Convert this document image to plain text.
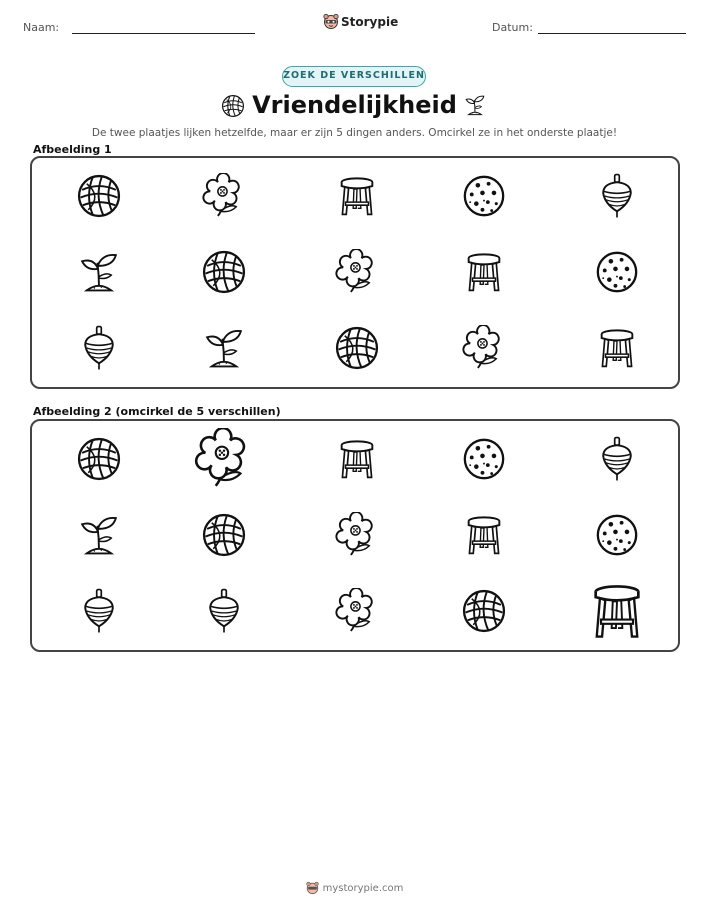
Naam:	Storypie	Datum:
ZOEK DE VERSCHILLEN
Vriendelijkheid
De twee plaatjes lijken hetzelfde, maar er zijn 5 dingen anders. Omcirkel ze in het onderste plaatje!
Afbeelding 1
Afbeelding 2 (omcirkel de 5 verschillen)
mystorypie.com
